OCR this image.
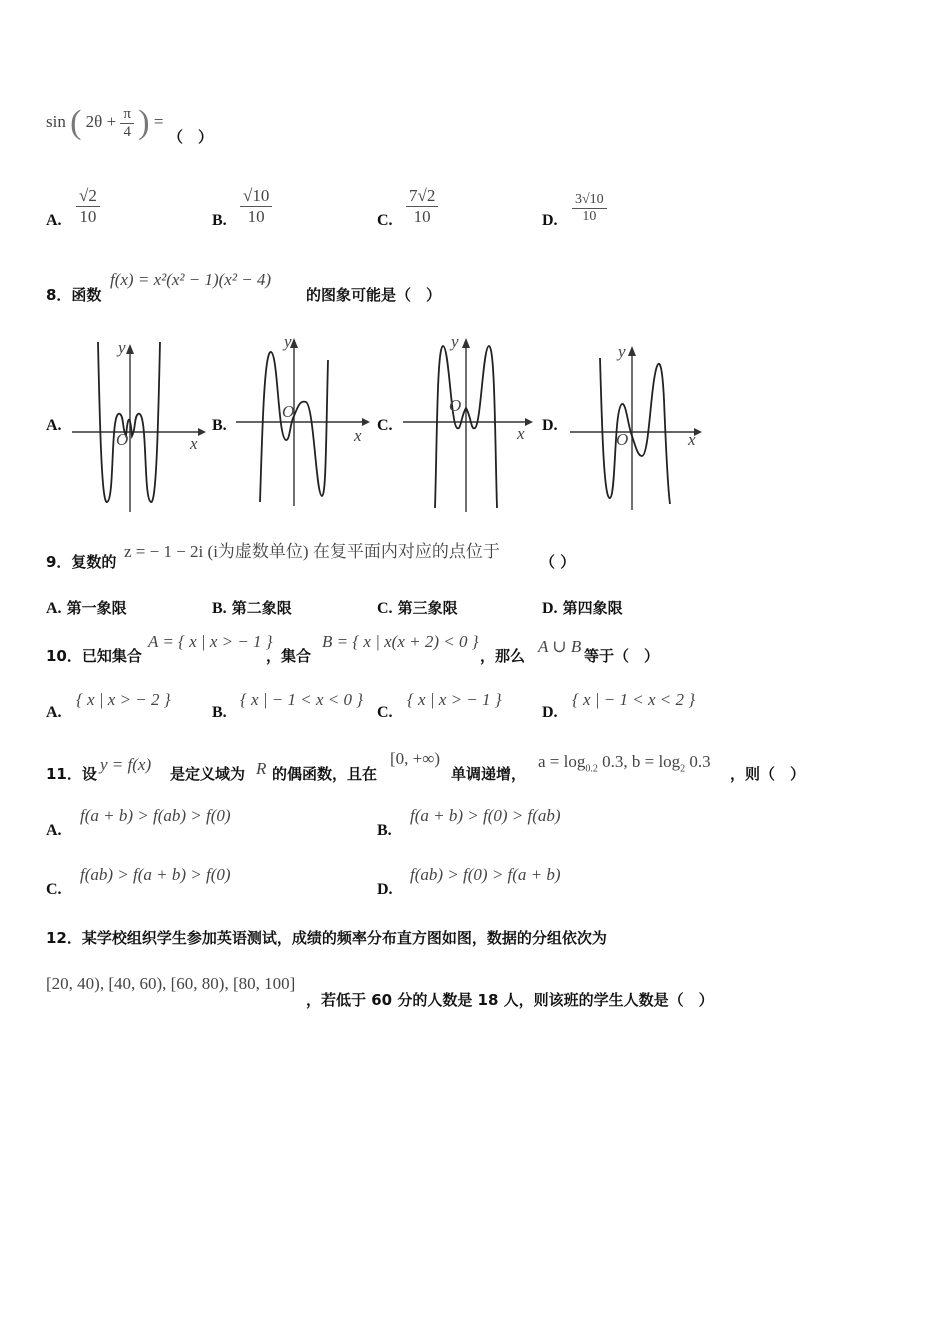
sin ( $2\theta + \frac{\pi}{4}$ ) =
（　）
A. $\frac{√2}{10}$	B. $\frac{√10}{10}$	C. $\frac{7√2}{10}$	D. $\frac{3√10}{10}$
8．函数
f(x) = x²(x² − 1)(x² − 4)
的图象可能是（　）
A.
y
x
O
B.
y
x
O
C.
y
x
O
D.
y
x
O
9．复数的
z = − 1 − 2i (i为虚数单位) 在复平面内对应的点位于
（ ）
A. 第一象限	B. 第二象限	C. 第三象限	D. 第四象限
10．已知集合
A = { x | x > − 1 }
，集合
B = { x | x(x + 2) < 0 }
，那么 A ∪ B 等于（　）
A.
{ x | x > − 2 }
B.
{ x | − 1 < x < 0 }
C.
{ x | x > − 1 }
D.
{ x | − 1 < x < 2 }
11．设 y = f(x) 是定义域为 R 的偶函数，且在
[0, +∞)
单调递增，
$a = \log_{0.2} 0.3$, $b = \log_2 0.3$
，则（　）
A.
f(a + b) > f(ab) > f(0)
B.
f(a + b) > f(0) > f(ab)
C.
f(ab) > f(a + b) > f(0)
D.
f(ab) > f(0) > f(a + b)
12．某学校组织学生参加英语测试，成绩的频率分布直方图如图，数据的分组依次为
[20, 40), [40, 60), [60, 80), [80, 100]
，若低于 60 分的人数是 18 人，则该班的学生人数是（　）
